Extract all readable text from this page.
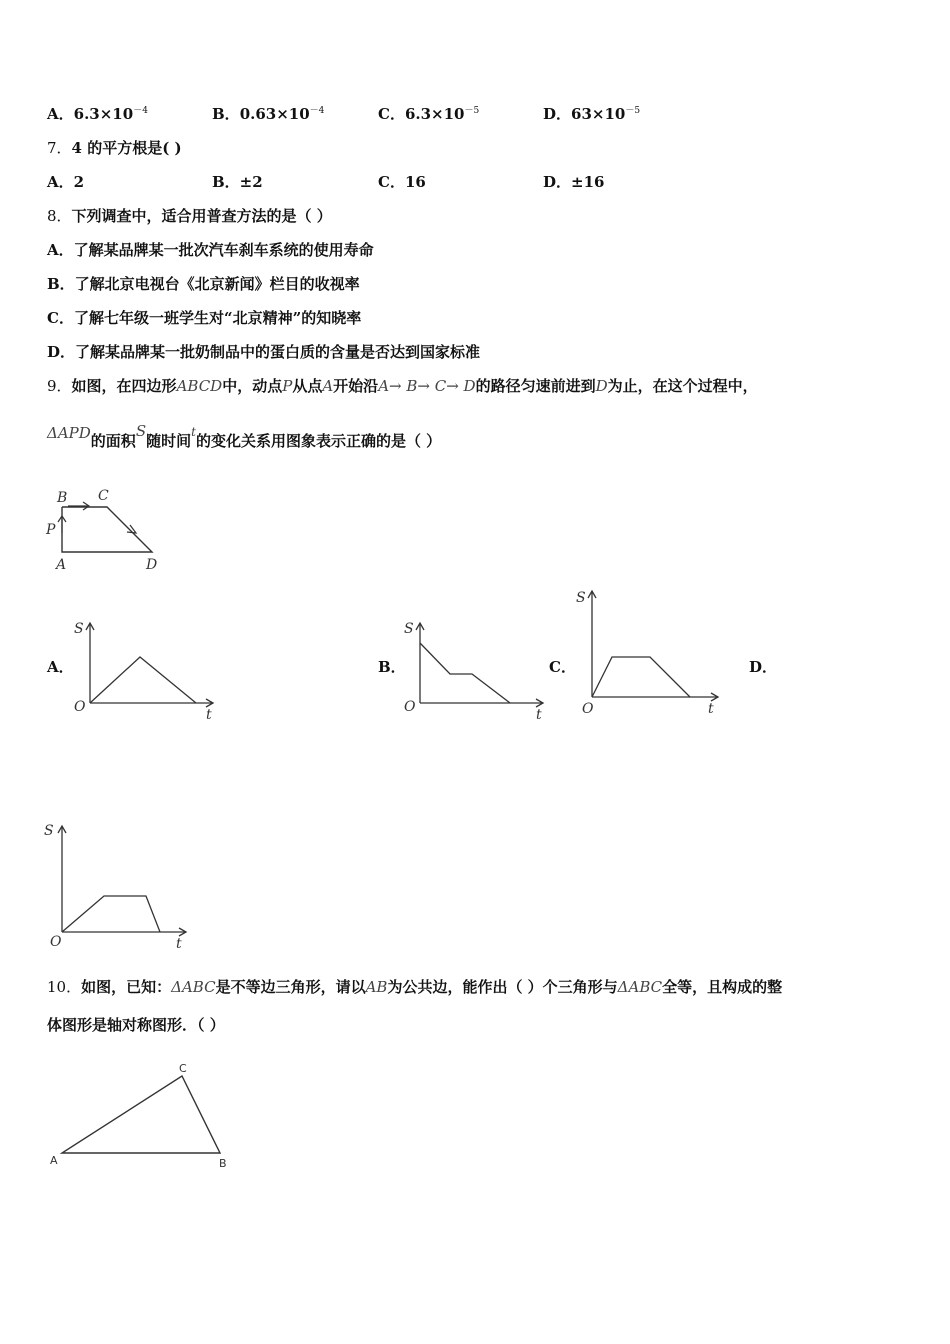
A．$6.3\times 10^{-4}$	B．$0.63\times 10^{-4}$	C．$6.3\times 10^{-5}$	D．$63\times 10^{-5}$
7．4 的平方根是( )
A．2	B．±2	C．16	D．±16
8．下列调查中，适合用普查方法的是（ ）
A．了解某品牌某一批次汽车刹车系统的使用寿命
B．了解北京电视台《北京新闻》栏目的收视率
C．了解七年级一班学生对“北京精神”的知晓率
D．了解某品牌某一批奶制品中的蛋白质的含量是否达到国家标准
9．如图，在四边形ABCD中，动点P从点A开始沿A→ B→ C→ D的路径匀速前进到D为止，在这个过程中，
ΔAPD的面积S随时间$^t$的变化关系用图象表示正确的是（ ）
B C
P
A	D
A．
S
O	t
B．
S
O	t
C．
S
O	t
D．
S
O	t
10．如图，已知：ΔABC是不等边三角形，请以AB为公共边，能作出（ ）个三角形与ΔABC全等，且构成的整
体图形是轴对称图形．（ ）
A	B
C
